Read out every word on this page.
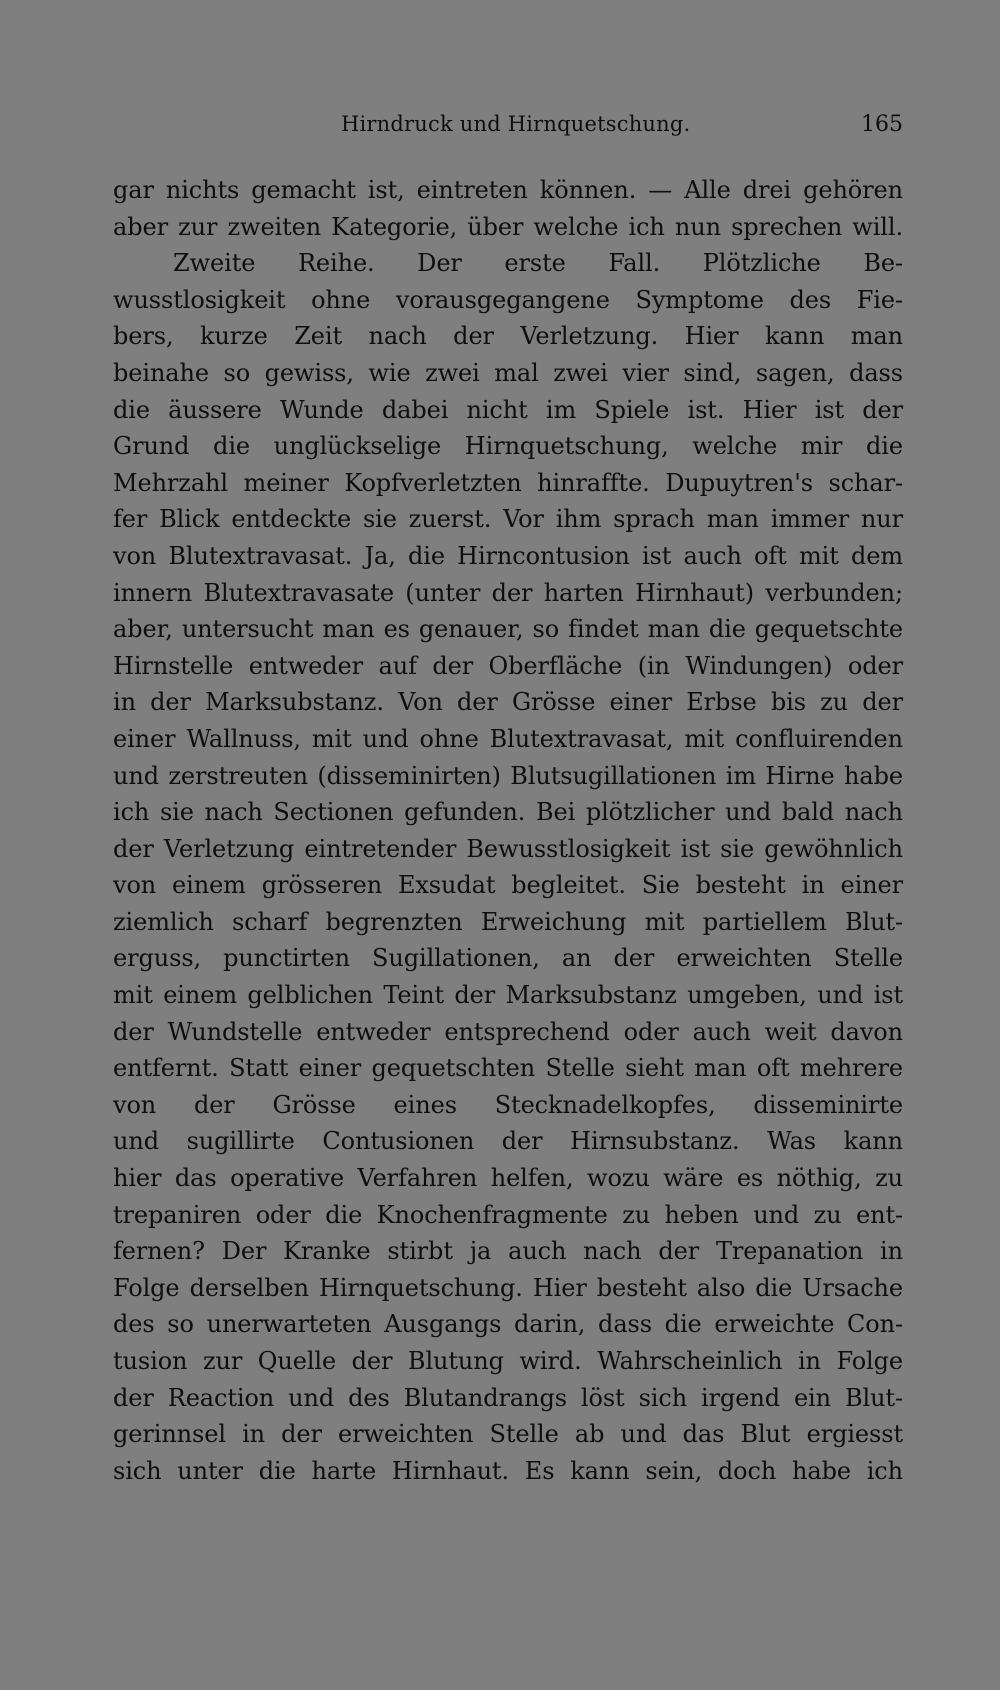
Hirndruck und Hirnquetschung.	165
gar nichts gemacht ist, eintreten können. — Alle drei gehören
aber zur zweiten Kategorie, über welche ich nun sprechen will.
Zweite Reihe. Der erste Fall. Plötzliche Be-
wusstlosigkeit ohne vorausgegangene Symptome des Fie-
bers, kurze Zeit nach der Verletzung. Hier kann man
beinahe so gewiss, wie zwei mal zwei vier sind, sagen, dass
die äussere Wunde dabei nicht im Spiele ist. Hier ist der
Grund die unglückselige Hirnquetschung, welche mir die
Mehrzahl meiner Kopfverletzten hinraffte. Dupuytren's schar-
fer Blick entdeckte sie zuerst. Vor ihm sprach man immer nur
von Blutextravasat. Ja, die Hirncontusion ist auch oft mit dem
innern Blutextravasate (unter der harten Hirnhaut) verbunden;
aber, untersucht man es genauer, so findet man die gequetschte
Hirnstelle entweder auf der Oberfläche (in Windungen) oder
in der Marksubstanz. Von der Grösse einer Erbse bis zu der
einer Wallnuss, mit und ohne Blutextravasat, mit confluirenden
und zerstreuten (disseminirten) Blutsugillationen im Hirne habe
ich sie nach Sectionen gefunden. Bei plötzlicher und bald nach
der Verletzung eintretender Bewusstlosigkeit ist sie gewöhnlich
von einem grösseren Exsudat begleitet. Sie besteht in einer
ziemlich scharf begrenzten Erweichung mit partiellem Blut-
erguss, punctirten Sugillationen, an der erweichten Stelle
mit einem gelblichen Teint der Marksubstanz umgeben, und ist
der Wundstelle entweder entsprechend oder auch weit davon
entfernt. Statt einer gequetschten Stelle sieht man oft mehrere
von der Grösse eines Stecknadelkopfes, disseminirte
und sugillirte Contusionen der Hirnsubstanz. Was kann
hier das operative Verfahren helfen, wozu wäre es nöthig, zu
trepaniren oder die Knochenfragmente zu heben und zu ent-
fernen? Der Kranke stirbt ja auch nach der Trepanation in
Folge derselben Hirnquetschung. Hier besteht also die Ursache
des so unerwarteten Ausgangs darin, dass die erweichte Con-
tusion zur Quelle der Blutung wird. Wahrscheinlich in Folge
der Reaction und des Blutandrangs löst sich irgend ein Blut-
gerinnsel in der erweichten Stelle ab und das Blut ergiesst
sich unter die harte Hirnhaut. Es kann sein, doch habe ich
